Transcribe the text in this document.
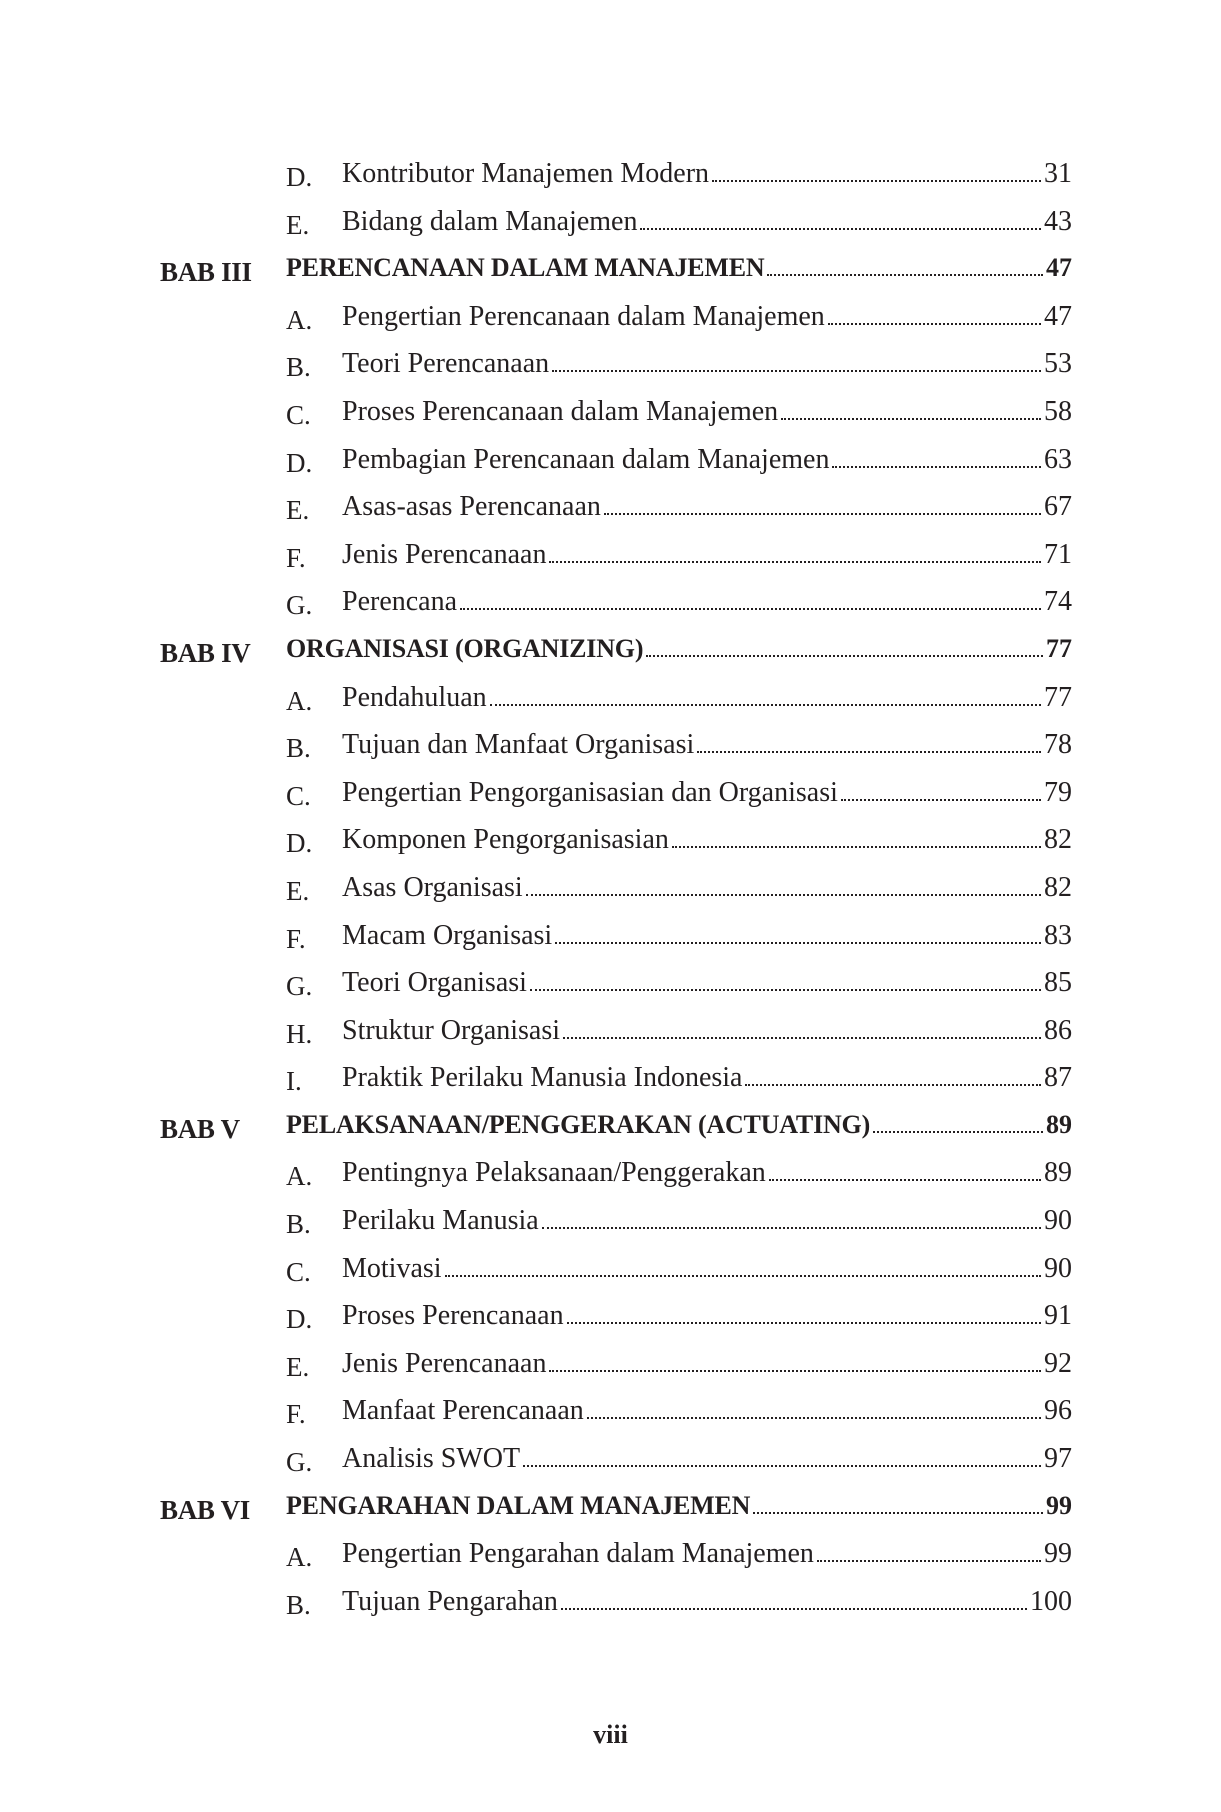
D. Kontributor Manajemen Modern	31
E. Bidang dalam Manajemen	43
BAB III PERENCANAAN DALAM MANAJEMEN	47
A. Pengertian Perencanaan dalam Manajemen	47
B. Teori Perencanaan	53
C. Proses Perencanaan dalam Manajemen	58
D. Pembagian Perencanaan dalam Manajemen	63
E. Asas-asas Perencanaan	67
F. Jenis Perencanaan	71
G. Perencana	74
BAB IV ORGANISASI (ORGANIZING)	77
A. Pendahuluan	77
B. Tujuan dan Manfaat Organisasi	78
C. Pengertian Pengorganisasian dan Organisasi	79
D. Komponen Pengorganisasian	82
E. Asas Organisasi	82
F. Macam Organisasi	83
G. Teori Organisasi	85
H. Struktur Organisasi	86
I. Praktik Perilaku Manusia Indonesia	87
BAB V PELAKSANAAN/PENGGERAKAN (ACTUATING)	89
A. Pentingnya Pelaksanaan/Penggerakan	89
B. Perilaku Manusia	90
C. Motivasi	90
D. Proses Perencanaan	91
E. Jenis Perencanaan	92
F. Manfaat Perencanaan	96
G. Analisis SWOT	97
BAB VI PENGARAHAN DALAM MANAJEMEN	99
A. Pengertian Pengarahan dalam Manajemen	99
B. Tujuan Pengarahan	100
viii
